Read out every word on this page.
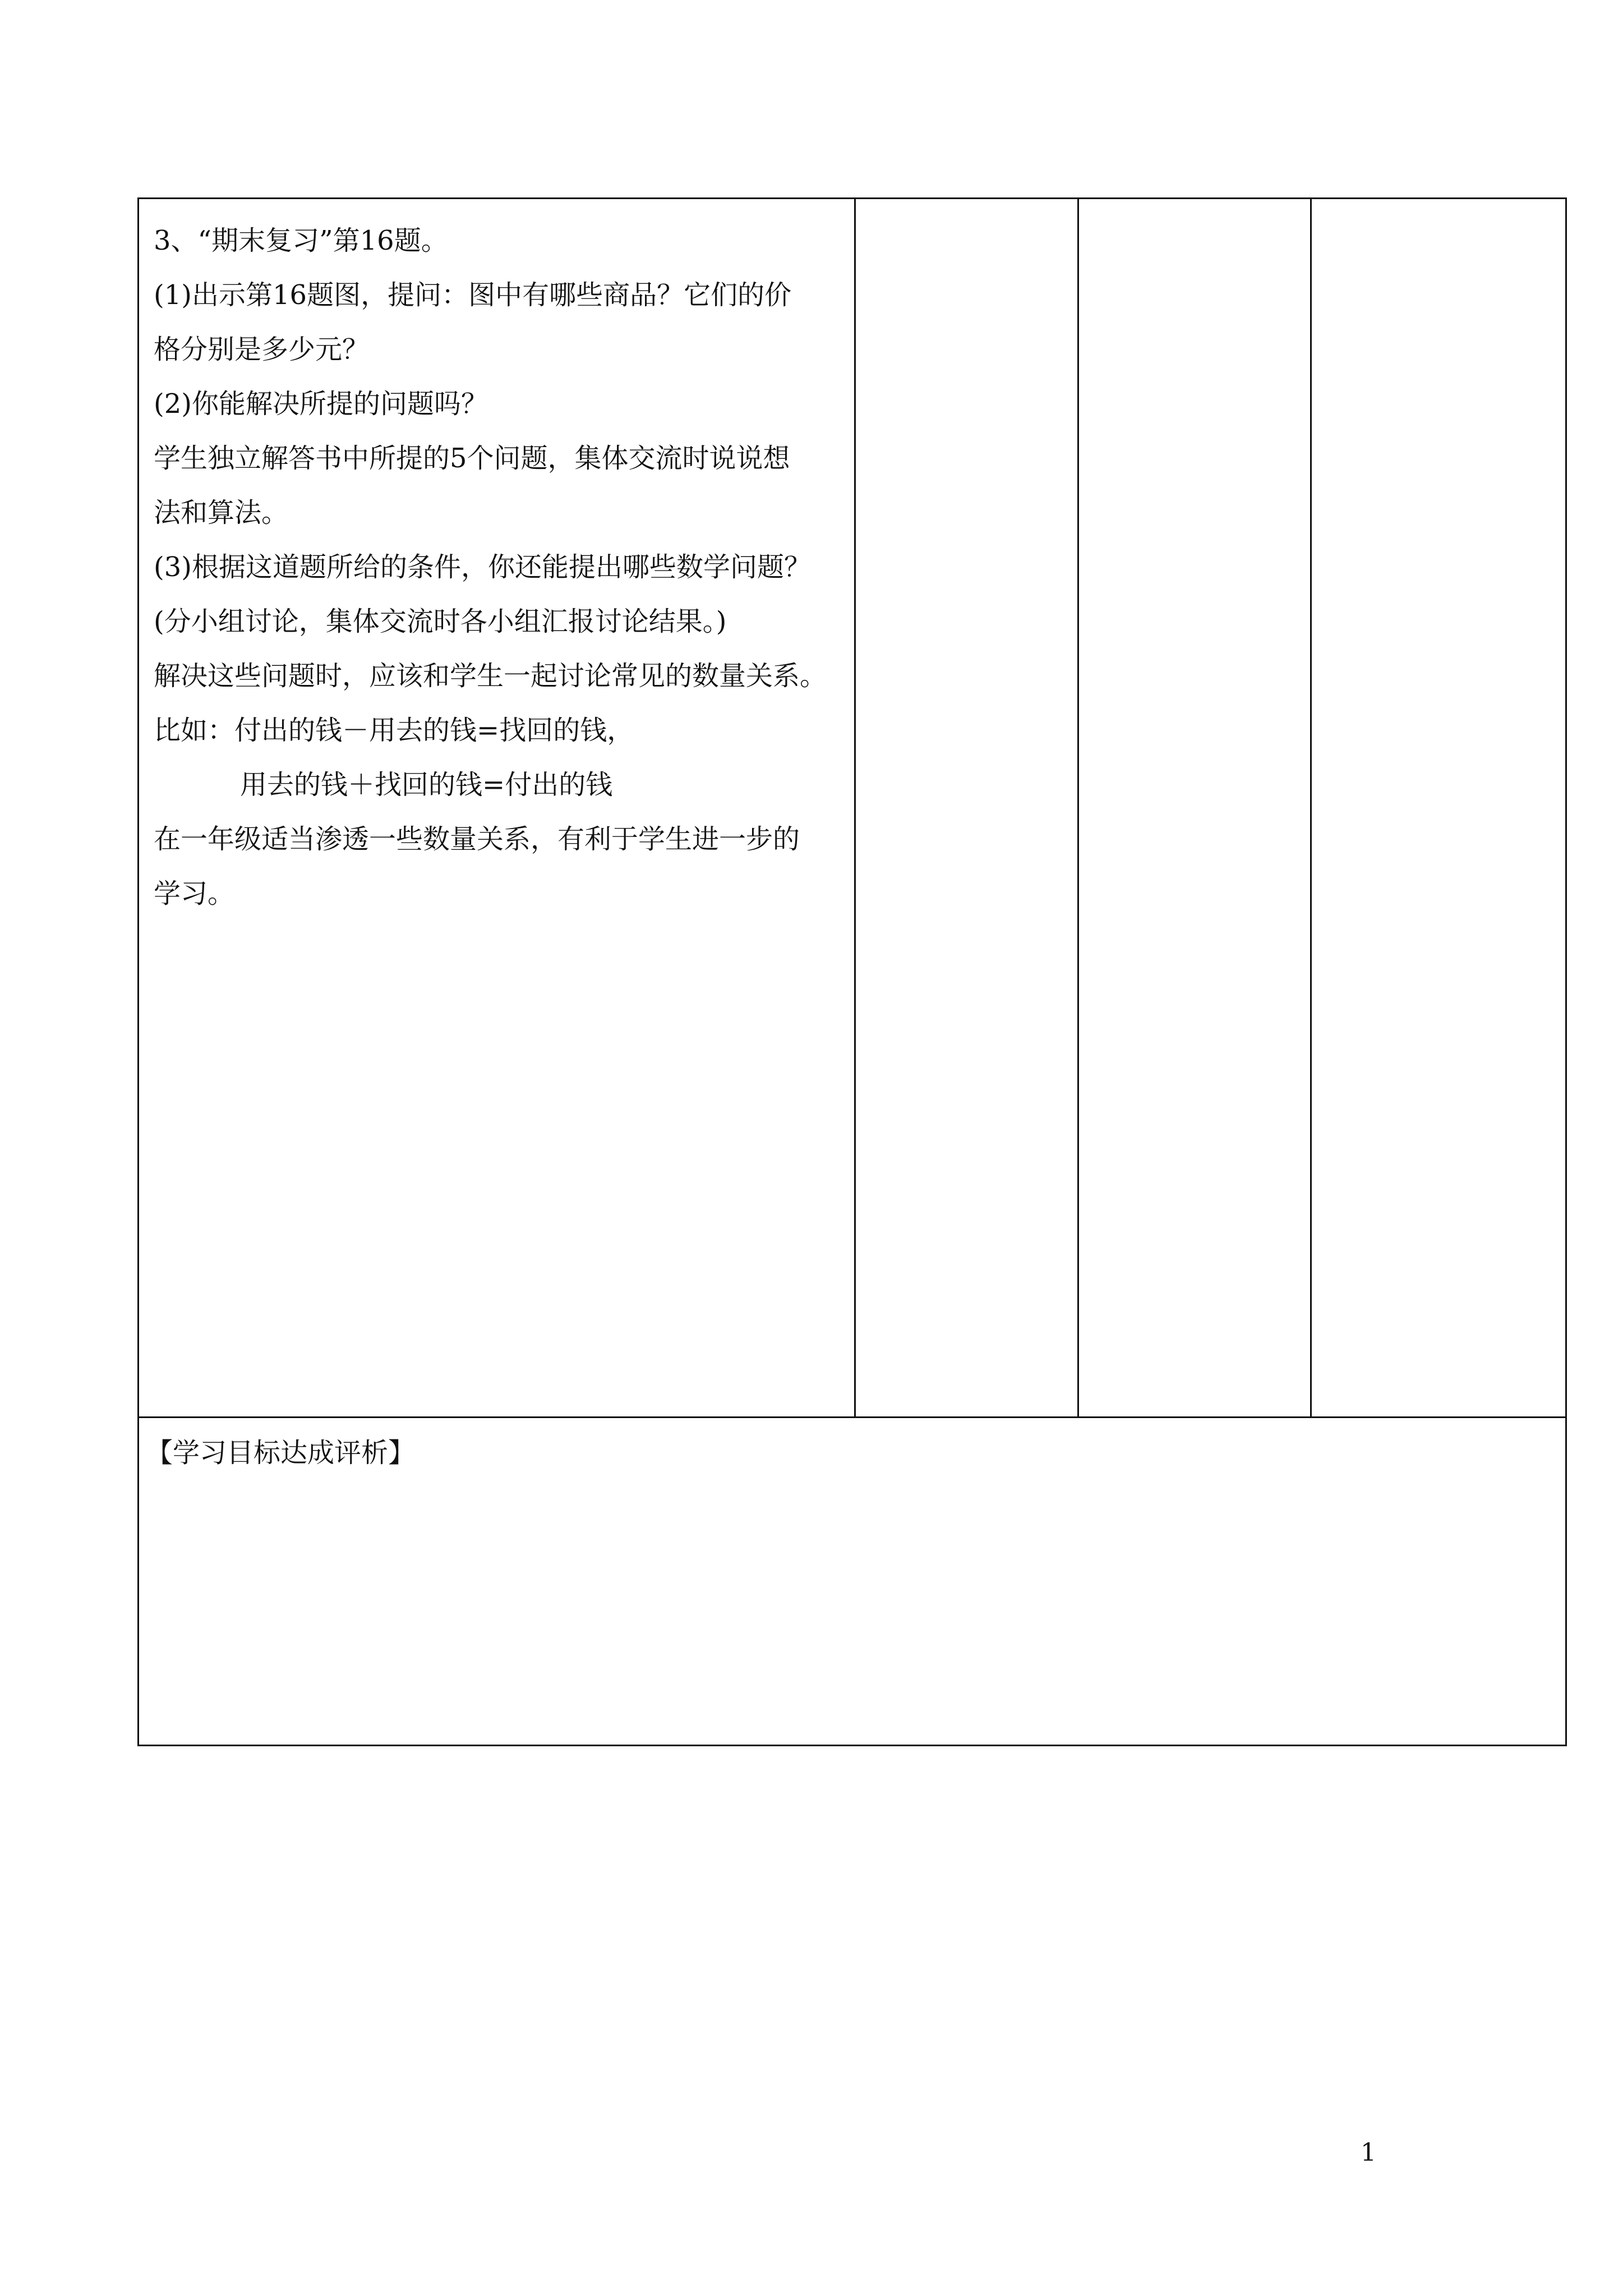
3、“期末复习”第16题。

(1)出示第16题图，提问：图中有哪些商品？它们的价

格分别是多少元？

(2)你能解决所提的问题吗？

学生独立解答书中所提的5个问题，集体交流时说说想

法和算法。

(3)根据这道题所给的条件，你还能提出哪些数学问题？

(分小组讨论，集体交流时各小组汇报讨论结果。)

解决这些问题时，应该和学生一起讨论常见的数量关系。

比如：付出的钱－用去的钱=找回的钱，

用去的钱＋找回的钱=付出的钱

在一年级适当渗透一些数量关系，有利于学生进一步的

学习。

【学习目标达成评析】

1
